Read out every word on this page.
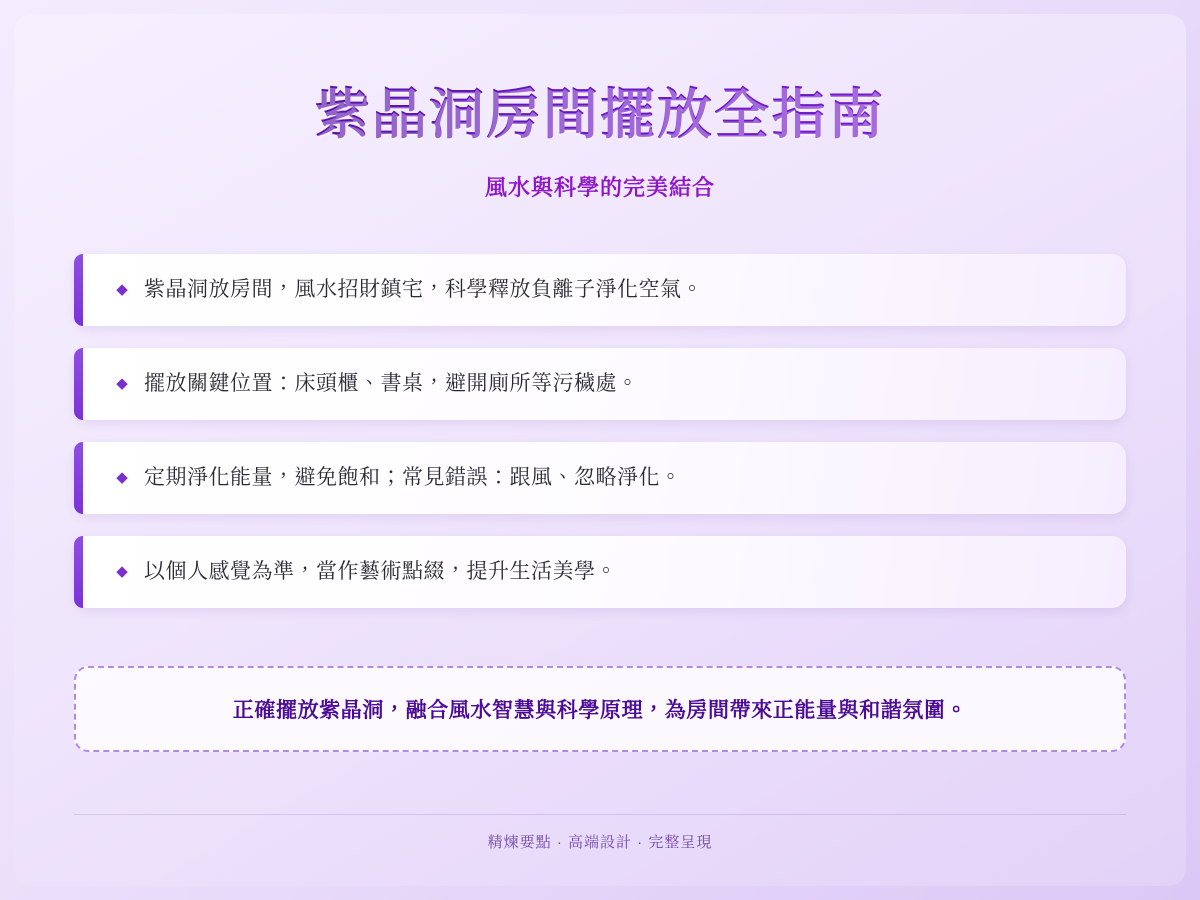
紫晶洞房間擺放全指南
風水與科學的完美結合
◆ 紫晶洞放房間，風水招財鎮宅，科學釋放負離子淨化空氣。
◆ 擺放關鍵位置：床頭櫃、書桌，避開廁所等污穢處。
◆ 定期淨化能量，避免飽和；常見錯誤：跟風、忽略淨化。
◆ 以個人感覺為準，當作藝術點綴，提升生活美學。
正確擺放紫晶洞，融合風水智慧與科學原理，為房間帶來正能量與和諧氛圍。
精煉要點 · 高端設計 · 完整呈現
